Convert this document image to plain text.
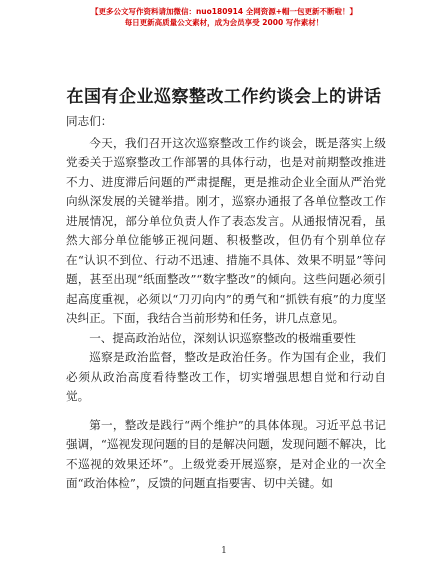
【更多公文写作资料请加微信：nuo180914 全网资源+帽一包更新不断啦！】
每日更新高质量公文素材，成为会员享受 2000 写作素材！
在国有企业巡察整改工作约谈会上的讲话

同志们：

今天，我们召开这次巡察整改工作约谈会，既是落实上级党委关于巡察整改工作部署的具体行动，也是对前期整改推进不力、进度滞后问题的严肃提醒，更是推动企业全面从严治党向纵深发展的关键举措。刚才，巡察办通报了各单位整改工作进展情况，部分单位负责人作了表态发言。从通报情况看，虽然大部分单位能够正视问题、积极整改，但仍有个别单位存在“认识不到位、行动不迅速、措施不具体、效果不明显”等问题，甚至出现“纸面整改”“数字整改”的倾向。这些问题必须引起高度重视，必须以“刀刃向内”的勇气和“抓铁有痕”的力度坚决纠正。下面，我结合当前形势和任务，讲几点意见。

一、提高政治站位，深刻认识巡察整改的极端重要性

巡察是政治监督，整改是政治任务。作为国有企业，我们必须从政治高度看待整改工作，切实增强思想自觉和行动自觉。

第一，整改是践行“两个维护”的具体体现。习近平总书记强调，“巡视发现问题的目的是解决问题，发现问题不解决，比不巡视的效果还坏”。上级党委开展巡察，是对企业的一次全面“政治体检”，反馈的问题直指要害、切中关键。如

1
